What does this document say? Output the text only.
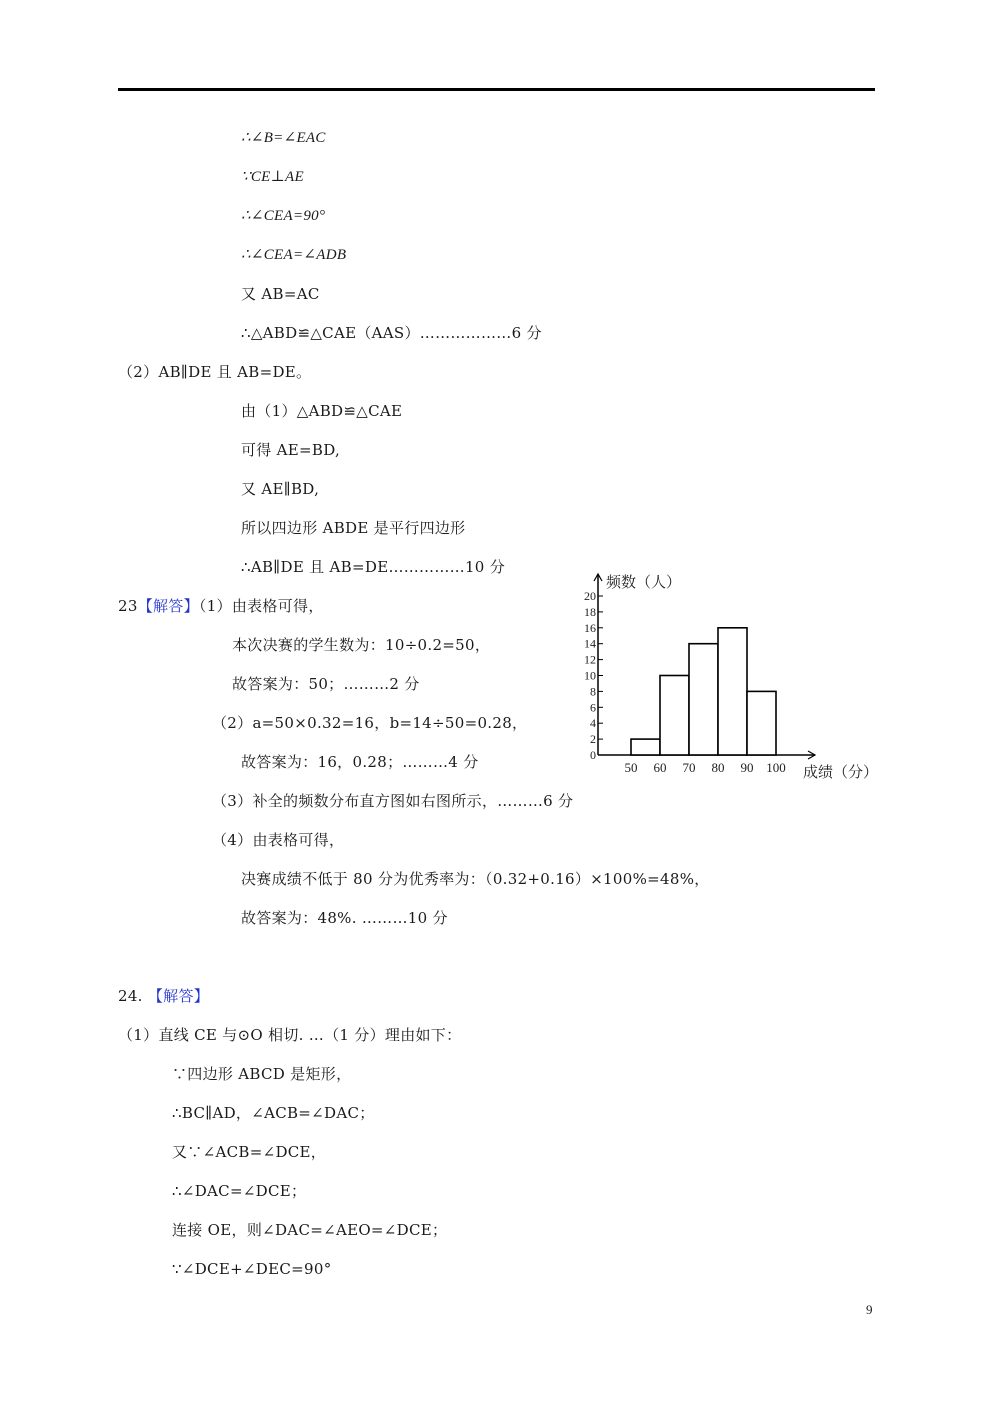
∴∠B=∠EAC
∵CE⊥AE
∴∠CEA=90°
∴∠CEA=∠ADB
又 AB=AC
∴△ABD≌△CAE（AAS）………………6 分
（2）AB∥DE 且 AB=DE。
由（1）△ABD≌△CAE
可得 AE=BD,
又 AE∥BD,
所以四边形 ABDE 是平行四边形
∴AB∥DE 且 AB=DE……………10 分
23【解答】（1）由表格可得，
本次决赛的学生数为：10÷0.2=50，
故答案为：50；………2 分
（2）a=50×0.32=16，b=14÷50=0.28，
故答案为：16，0.28；………4 分
（3）补全的频数分布直方图如右图所示，………6 分
（4）由表格可得，
决赛成绩不低于 80 分为优秀率为：（0.32+0.16）×100%=48%，
故答案为：48%. ………10 分
24. 【解答】
（1）直线 CE 与⊙O 相切. …（1 分）理由如下：
∵四边形 ABCD 是矩形，
∴BC∥AD，∠ACB=∠DAC；
又∵∠ACB=∠DCE，
∴∠DAC=∠DCE；
连接 OE，则∠DAC=∠AEO=∠DCE；
∵∠DCE+∠DEC=90°
0
2
4
6
8
10
12
14
16
18
20
50 60 70 80 90 100
频数（人）
成绩（分）
9
